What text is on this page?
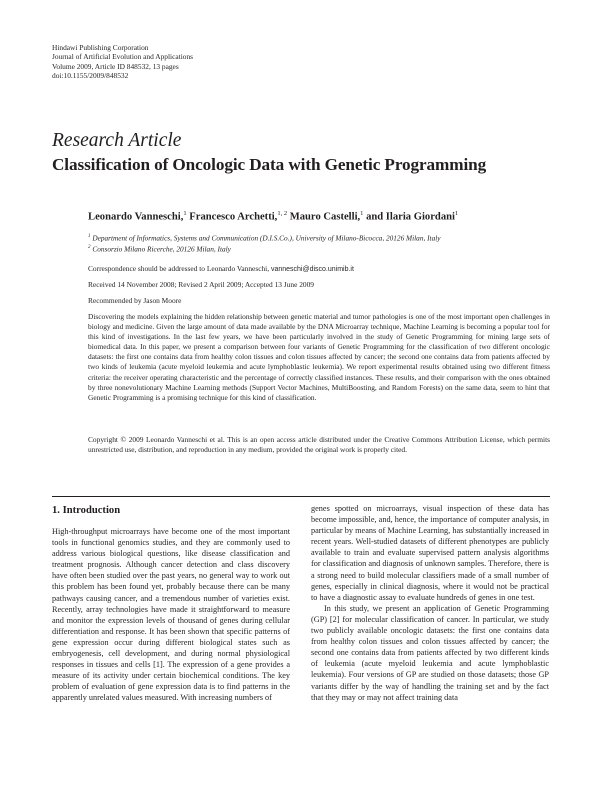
Hindawi Publishing Corporation
Journal of Artificial Evolution and Applications
Volume 2009, Article ID 848532, 13 pages
doi:10.1155/2009/848532
Research Article
Classification of Oncologic Data with Genetic Programming
Leonardo Vanneschi,$^1$ Francesco Archetti,$^{1, 2}$ Mauro Castelli,$^1$ and Ilaria Giordani$^1$
$^1$ Department of Informatics, Systems and Communication (D.I.S.Co.), University of Milano-Bicocca, 20126 Milan, Italy
$^2$ Consorzio Milano Ricerche, 20126 Milan, Italy
Correspondence should be addressed to Leonardo Vanneschi, vanneschi@disco.unimib.it
Received 14 November 2008; Revised 2 April 2009; Accepted 13 June 2009
Recommended by Jason Moore
Discovering the models explaining the hidden relationship between genetic material and tumor pathologies is one of the most important open challenges in biology and medicine. Given the large amount of data made available by the DNA Microarray technique, Machine Learning is becoming a popular tool for this kind of investigations. In the last few years, we have been particularly involved in the study of Genetic Programming for mining large sets of biomedical data. In this paper, we present a comparison between four variants of Genetic Programming for the classification of two different oncologic datasets: the first one contains data from healthy colon tissues and colon tissues affected by cancer; the second one contains data from patients affected by two kinds of leukemia (acute myeloid leukemia and acute lymphoblastic leukemia). We report experimental results obtained using two different fitness criteria: the receiver operating characteristic and the percentage of correctly classified instances. These results, and their comparison with the ones obtained by three nonevolutionary Machine Learning methods (Support Vector Machines, MultiBoosting, and Random Forests) on the same data, seem to hint that Genetic Programming is a promising technique for this kind of classification.
Copyright © 2009 Leonardo Vanneschi et al. This is an open access article distributed under the Creative Commons Attribution License, which permits unrestricted use, distribution, and reproduction in any medium, provided the original work is properly cited.
1. Introduction

High-throughput microarrays have become one of the most important tools in functional genomics studies, and they are commonly used to address various biological questions, like disease classification and treatment prognosis. Although cancer detection and class discovery have often been studied over the past years, no general way to work out this problem has been found yet, probably because there can be many pathways causing cancer, and a tremendous number of varieties exist. Recently, array technologies have made it straightforward to measure and monitor the expression levels of thousand of genes during cellular differentiation and response. It has been shown that specific patterns of gene expression occur during different biological states such as embryogenesis, cell development, and during normal physiological responses in tissues and cells [1]. The expression of a gene provides a measure of its activity under certain biochemical conditions. The key problem of evaluation of gene expression data is to find patterns in the apparently unrelated values measured. With increasing numbers of

genes spotted on microarrays, visual inspection of these data has become impossible, and, hence, the importance of computer analysis, in particular by means of Machine Learning, has substantially increased in recent years. Well-studied datasets of different phenotypes are publicly available to train and evaluate supervised pattern analysis algorithms for classification and diagnosis of unknown samples. Therefore, there is a strong need to build molecular classifiers made of a small number of genes, especially in clinical diagnosis, where it would not be practical to have a diagnostic assay to evaluate hundreds of genes in one test.

In this study, we present an application of Genetic Programming (GP) [2] for molecular classification of cancer. In particular, we study two publicly available oncologic datasets: the first one contains data from healthy colon tissues and colon tissues affected by cancer; the second one contains data from patients affected by two different kinds of leukemia (acute myeloid leukemia and acute lymphoblastic leukemia). Four versions of GP are studied on those datasets; those GP variants differ by the way of handling the training set and by the fact that they may or may not affect training data
